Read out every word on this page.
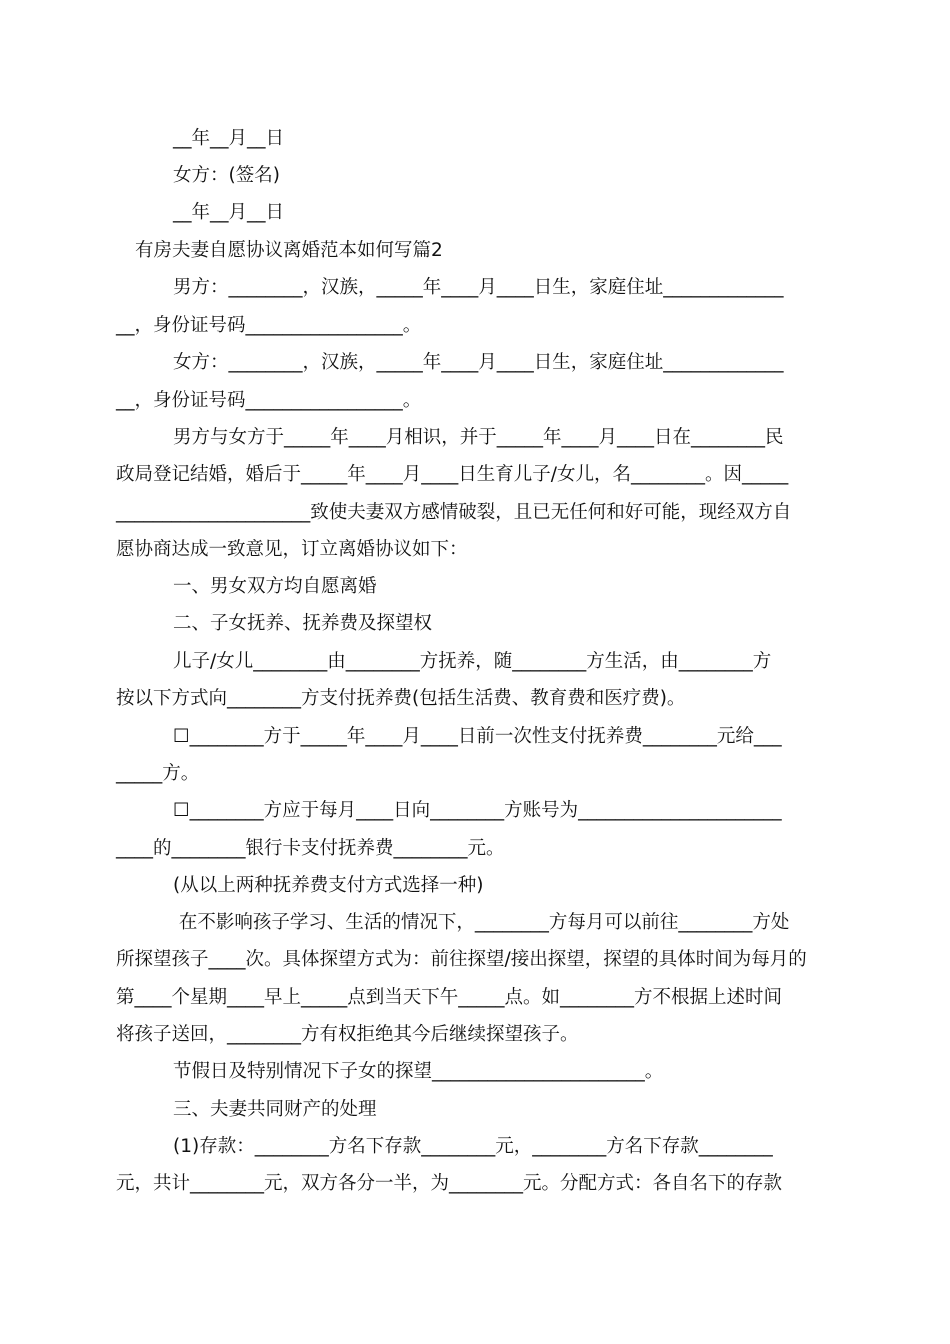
__年__月__日
女方：(签名)
__年__月__日
有房夫妻自愿协议离婚范本如何写篇2
男方：________，汉族，_____年____月____日生，家庭住址_____________
__，身份证号码_________________。
女方：________，汉族，_____年____月____日生，家庭住址_____________
__，身份证号码_________________。
男方与女方于_____年____月相识，并于_____年____月____日在________民
政局登记结婚，婚后于_____年____月____日生育儿子/女儿，名________。因_____
_____________________致使夫妻双方感情破裂，且已无任何和好可能，现经双方自
愿协商达成一致意见，订立离婚协议如下：
一、男女双方均自愿离婚
二、子女抚养、抚养费及探望权
儿子/女儿________由________方抚养，随________方生活，由________方
按以下方式向________方支付抚养费(包括生活费、教育费和医疗费)。
☐________方于_____年____月____日前一次性支付抚养费________元给___
_____方。
☐________方应于每月____日向________方账号为______________________
____的________银行卡支付抚养费________元。
(从以上两种抚养费支付方式选择一种)
在不影响孩子学习、生活的情况下，________方每月可以前往________方处
所探望孩子____次。具体探望方式为：前往探望/接出探望，探望的具体时间为每月的
第____个星期____早上_____点到当天下午_____点。如________方不根据上述时间
将孩子送回，________方有权拒绝其今后继续探望孩子。
节假日及特别情况下子女的探望_______________________。
三、夫妻共同财产的处理
(1)存款：________方名下存款________元，________方名下存款________
元，共计________元，双方各分一半，为________元。分配方式：各自名下的存款
